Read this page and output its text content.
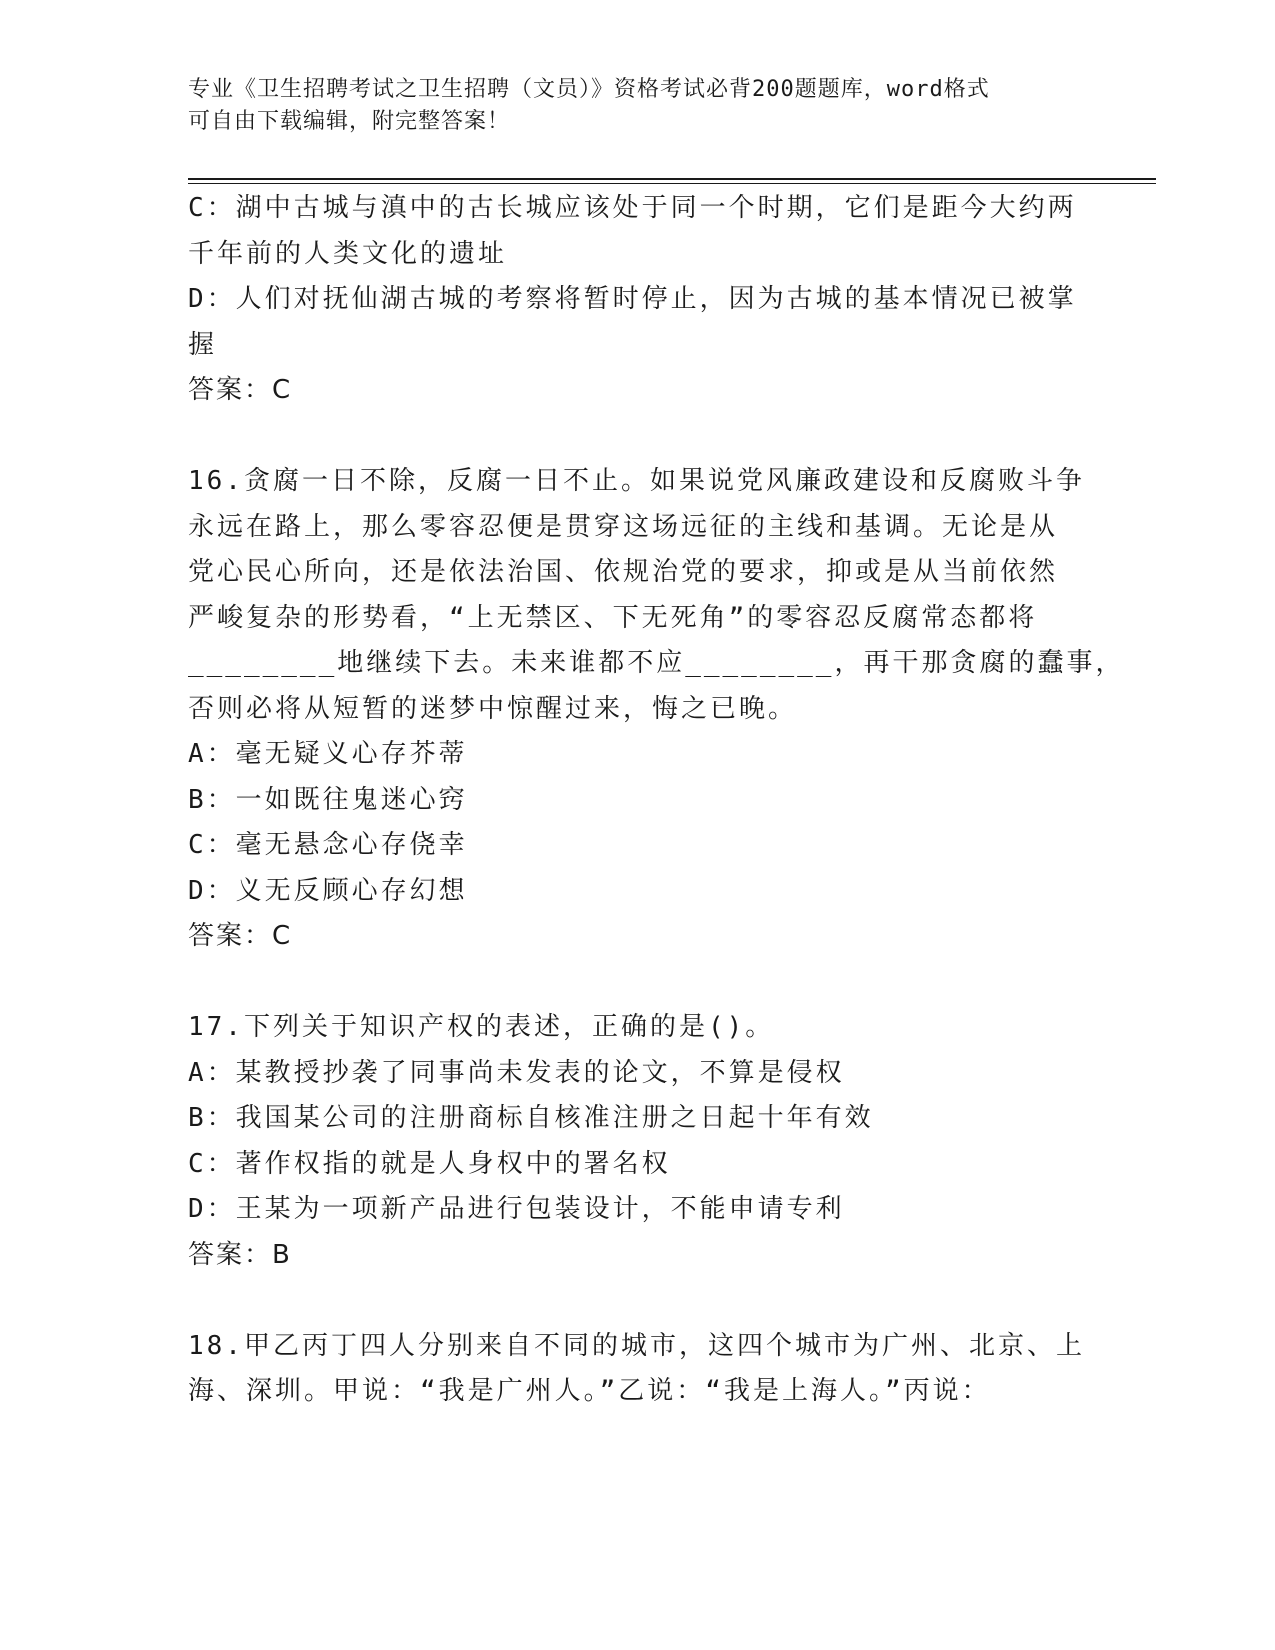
专业《卫生招聘考试之卫生招聘（文员）》资格考试必背200题题库，word格式
可自由下载编辑，附完整答案！
C：湖中古城与滇中的古长城应该处于同一个时期，它们是距今大约两
千年前的人类文化的遗址
D：人们对抚仙湖古城的考察将暂时停止，因为古城的基本情况已被掌
握
答案：C
16.贪腐一日不除，反腐一日不止。如果说党风廉政建设和反腐败斗争
永远在路上，那么零容忍便是贯穿这场远征的主线和基调。无论是从
党心民心所向，还是依法治国、依规治党的要求，抑或是从当前依然
严峻复杂的形势看，“上无禁区、下无死角”的零容忍反腐常态都将
________地继续下去。未来谁都不应________，再干那贪腐的蠢事，
否则必将从短暂的迷梦中惊醒过来，悔之已晚。
A：毫无疑义心存芥蒂
B：一如既往鬼迷心窍
C：毫无悬念心存侥幸
D：义无反顾心存幻想
答案：C
17.下列关于知识产权的表述，正确的是()。
A：某教授抄袭了同事尚未发表的论文，不算是侵权
B：我国某公司的注册商标自核准注册之日起十年有效
C：著作权指的就是人身权中的署名权
D：王某为一项新产品进行包装设计，不能申请专利
答案：B
18.甲乙丙丁四人分别来自不同的城市，这四个城市为广州、北京、上
海、深圳。甲说：“我是广州人。”乙说：“我是上海人。”丙说：
